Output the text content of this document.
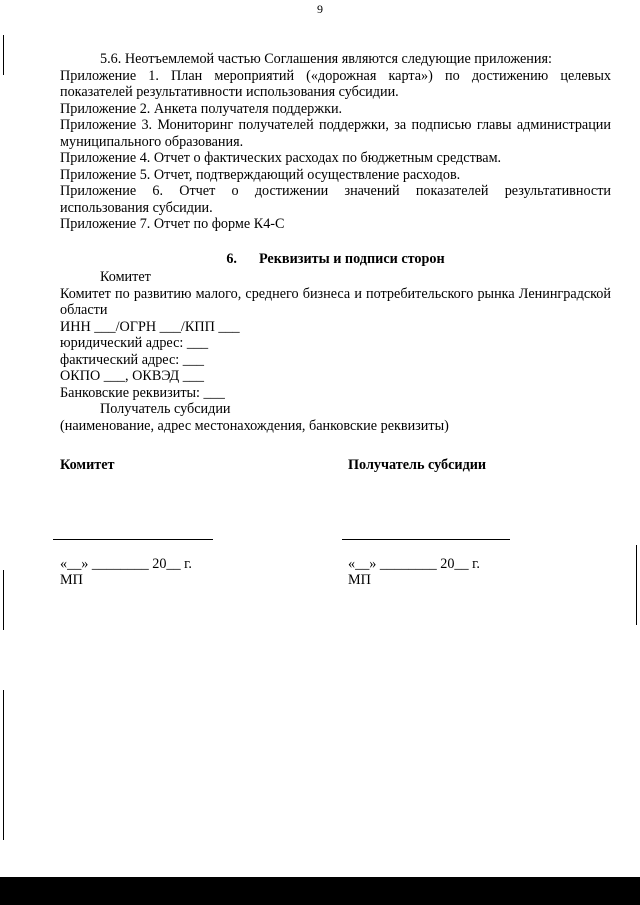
9

5.6. Неотъемлемой частью Соглашения являются следующие приложения:

Приложение 1. План мероприятий («дорожная карта») по достижению целевых показателей результативности использования субсидии.

Приложение 2. Анкета получателя поддержки.

Приложение 3. Мониторинг получателей поддержки, за подписью главы администрации муниципального образования.

Приложение 4. Отчет о фактических расходах по бюджетным средствам.

Приложение 5. Отчет, подтверждающий осуществление расходов.

Приложение 6. Отчет о достижении значений показателей результативности использования субсидии.

Приложение 7. Отчет по форме К4-С

6. Реквизиты и подписи сторон

Комитет

Комитет по развитию малого, среднего бизнеса и потребительского рынка Ленинградской области

ИНН ___/ОГРН ___/КПП ___

юридический адрес: ___

фактический адрес: ___

ОКПО ___, ОКВЭД ___

Банковские реквизиты: ___

Получатель субсидии

(наименование, адрес местонахождения, банковские реквизиты)

Комитет	Получатель субсидии
«__» ________ 20__ г.
МП
«__» ________ 20__ г.
МП
